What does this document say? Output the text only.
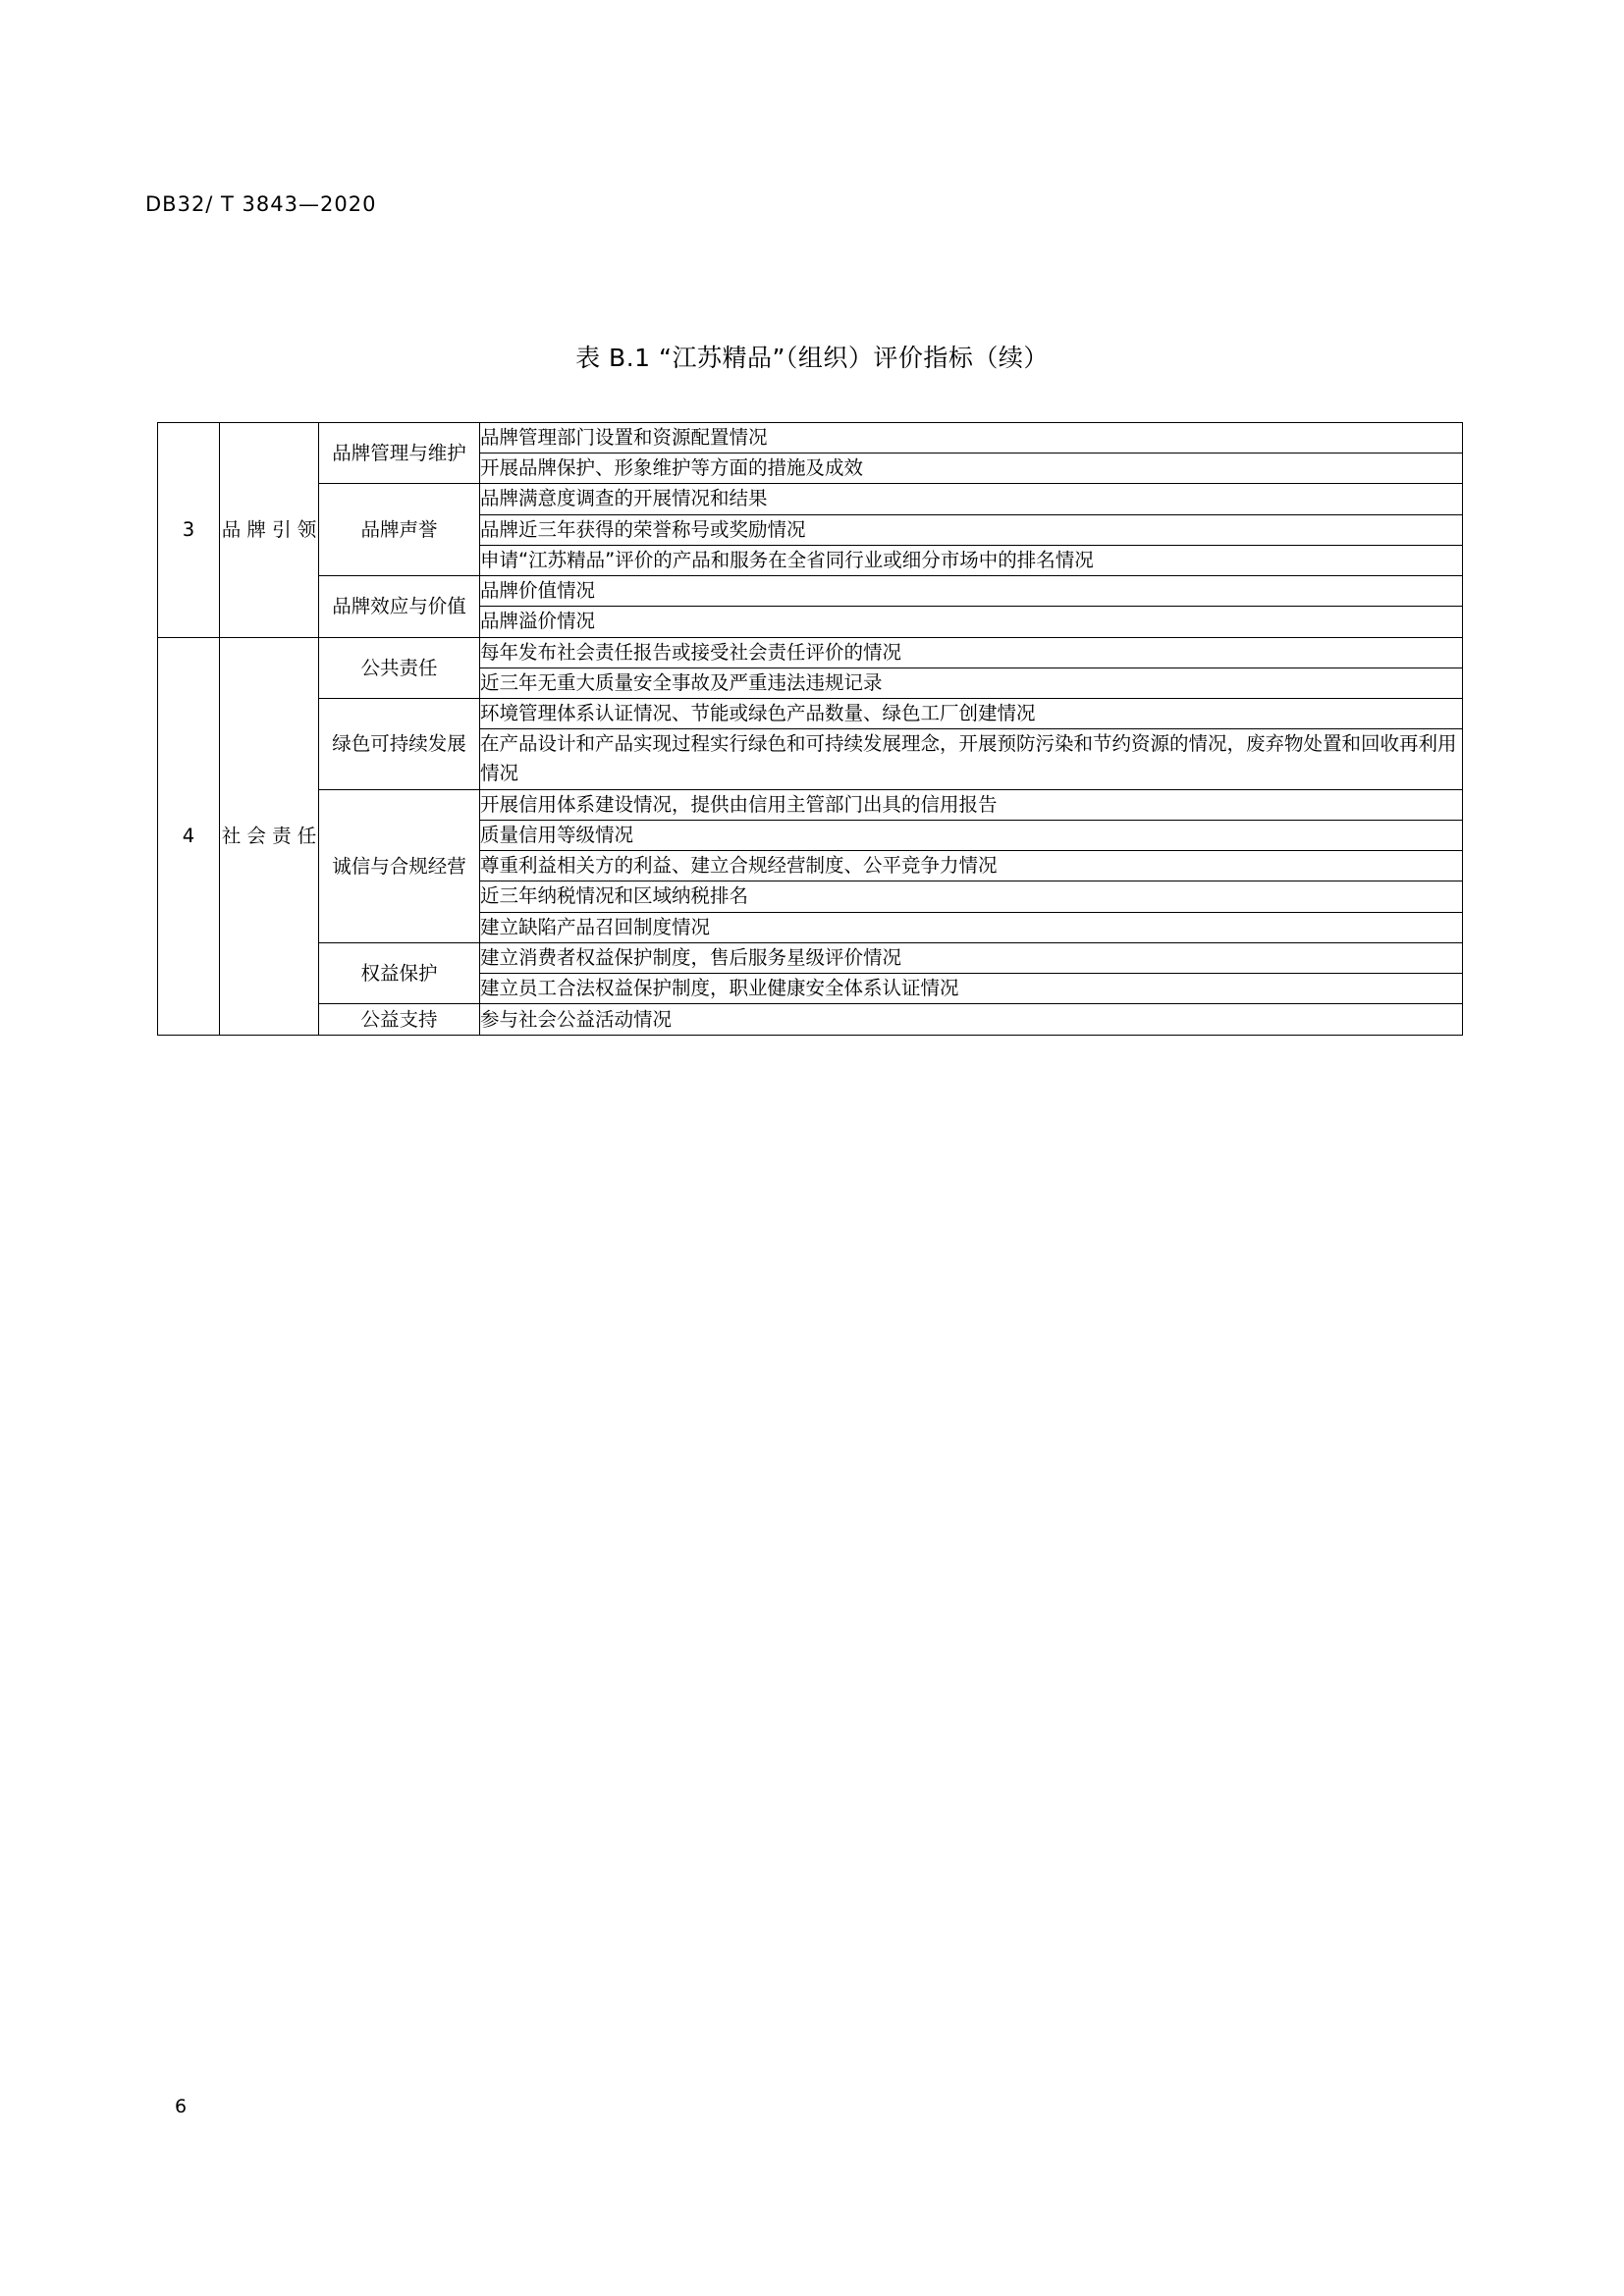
DB32/ T 3843—2020
表 B.1 “江苏精品”（组织）评价指标（续）
3	品 牌 引 领	品牌管理与维护	品牌管理部门设置和资源配置情况
			开展品牌保护、形象维护等方面的措施及成效
		品牌声誉	品牌满意度调查的开展情况和结果
			品牌近三年获得的荣誉称号或奖励情况
			申请“江苏精品”评价的产品和服务在全省同行业或细分市场中的排名情况
		品牌效应与价值	品牌价值情况
			品牌溢价情况
4	社 会 责 任	公共责任	每年发布社会责任报告或接受社会责任评价的情况
			近三年无重大质量安全事故及严重违法违规记录
		绿色可持续发展	环境管理体系认证情况、节能或绿色产品数量、绿色工厂创建情况
			在产品设计和产品实现过程实行绿色和可持续发展理念，开展预防污染和节约资源的情况，废弃物处置和回收再利用情况
		诚信与合规经营	开展信用体系建设情况，提供由信用主管部门出具的信用报告
			质量信用等级情况
			尊重利益相关方的利益、建立合规经营制度、公平竞争力情况
			近三年纳税情况和区域纳税排名
			建立缺陷产品召回制度情况
		权益保护	建立消费者权益保护制度，售后服务星级评价情况
			建立员工合法权益保护制度，职业健康安全体系认证情况
		公益支持	参与社会公益活动情况
6
